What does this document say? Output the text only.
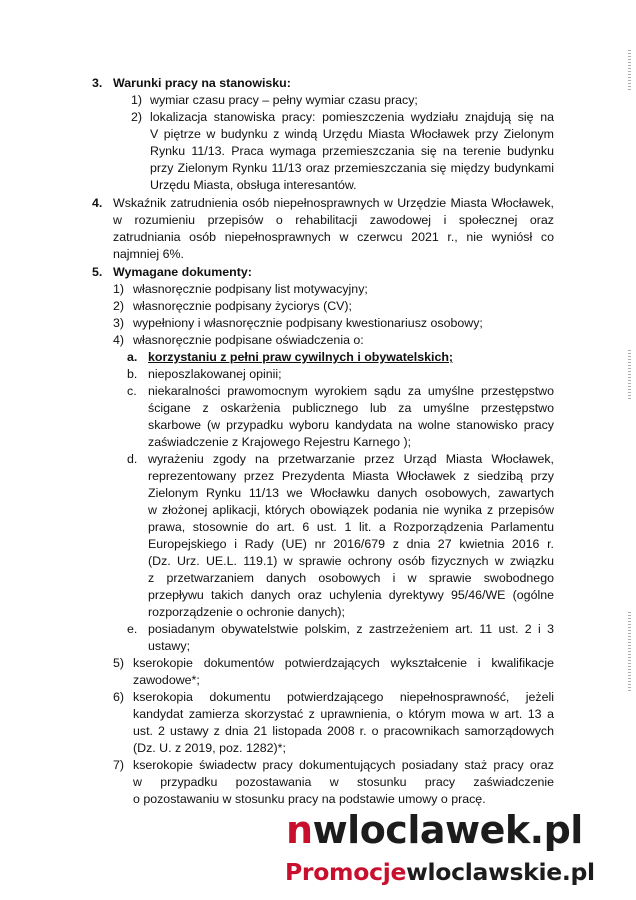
3. Warunki pracy na stanowisku:
1) wymiar czasu pracy – pełny wymiar czasu pracy;
2) lokalizacja stanowiska pracy: pomieszczenia wydziału znajdują się na
V piętrze w budynku z windą Urzędu Miasta Włocławek przy Zielonym
Rynku 11/13. Praca wymaga przemieszczania się na terenie budynku
przy Zielonym Rynku 11/13 oraz przemieszczania się między budynkami
Urzędu Miasta, obsługa interesantów.
4. Wskaźnik zatrudnienia osób niepełnosprawnych w Urzędzie Miasta Włocławek,
w rozumieniu przepisów o rehabilitacji zawodowej i społecznej oraz
zatrudniania osób niepełnosprawnych w czerwcu 2021 r., nie wyniósł co
najmniej 6%.
5. Wymagane dokumenty:
1) własnoręcznie podpisany list motywacyjny;
2) własnoręcznie podpisany życiorys (CV);
3) wypełniony i własnoręcznie podpisany kwestionariusz osobowy;
4) własnoręcznie podpisane oświadczenia o:
a. korzystaniu z pełni praw cywilnych i obywatelskich;
b. nieposzlakowanej opinii;
c. niekaralności prawomocnym wyrokiem sądu za umyślne przestępstwo
ścigane z oskarżenia publicznego lub za umyślne przestępstwo
skarbowe (w przypadku wyboru kandydata na wolne stanowisko pracy
zaświadczenie z Krajowego Rejestru Karnego );
d. wyrażeniu zgody na przetwarzanie przez Urząd Miasta Włocławek,
reprezentowany przez Prezydenta Miasta Włocławek z siedzibą przy
Zielonym Rynku 11/13 we Włocławku danych osobowych, zawartych
w złożonej aplikacji, których obowiązek podania nie wynika z przepisów
prawa, stosownie do art. 6 ust. 1 lit. a Rozporządzenia Parlamentu
Europejskiego i Rady (UE) nr 2016/679 z dnia 27 kwietnia 2016 r.
(Dz. Urz. UE.L. 119.1) w sprawie ochrony osób fizycznych w związku
z przetwarzaniem danych osobowych i w sprawie swobodnego
przepływu takich danych oraz uchylenia dyrektywy 95/46/WE (ogólne
rozporządzenie o ochronie danych);
e. posiadanym obywatelstwie polskim, z zastrzeżeniem art. 11 ust. 2 i 3
ustawy;
5) kserokopie dokumentów potwierdzających wykształcenie i kwalifikacje
zawodowe*;
6) kserokopia dokumentu potwierdzającego niepełnosprawność, jeżeli
kandydat zamierza skorzystać z uprawnienia, o którym mowa w art. 13 a
ust. 2 ustawy z dnia 21 listopada 2008 r. o pracownikach samorządowych
(Dz. U. z 2019, poz. 1282)*;
7) kserokopie świadectw pracy dokumentujących posiadany staż pracy oraz
w przypadku pozostawania w stosunku pracy zaświadczenie
o pozostawaniu w stosunku pracy na podstawie umowy o pracę.
nwloclawek.pl
Promocjewloclawskie.pl
